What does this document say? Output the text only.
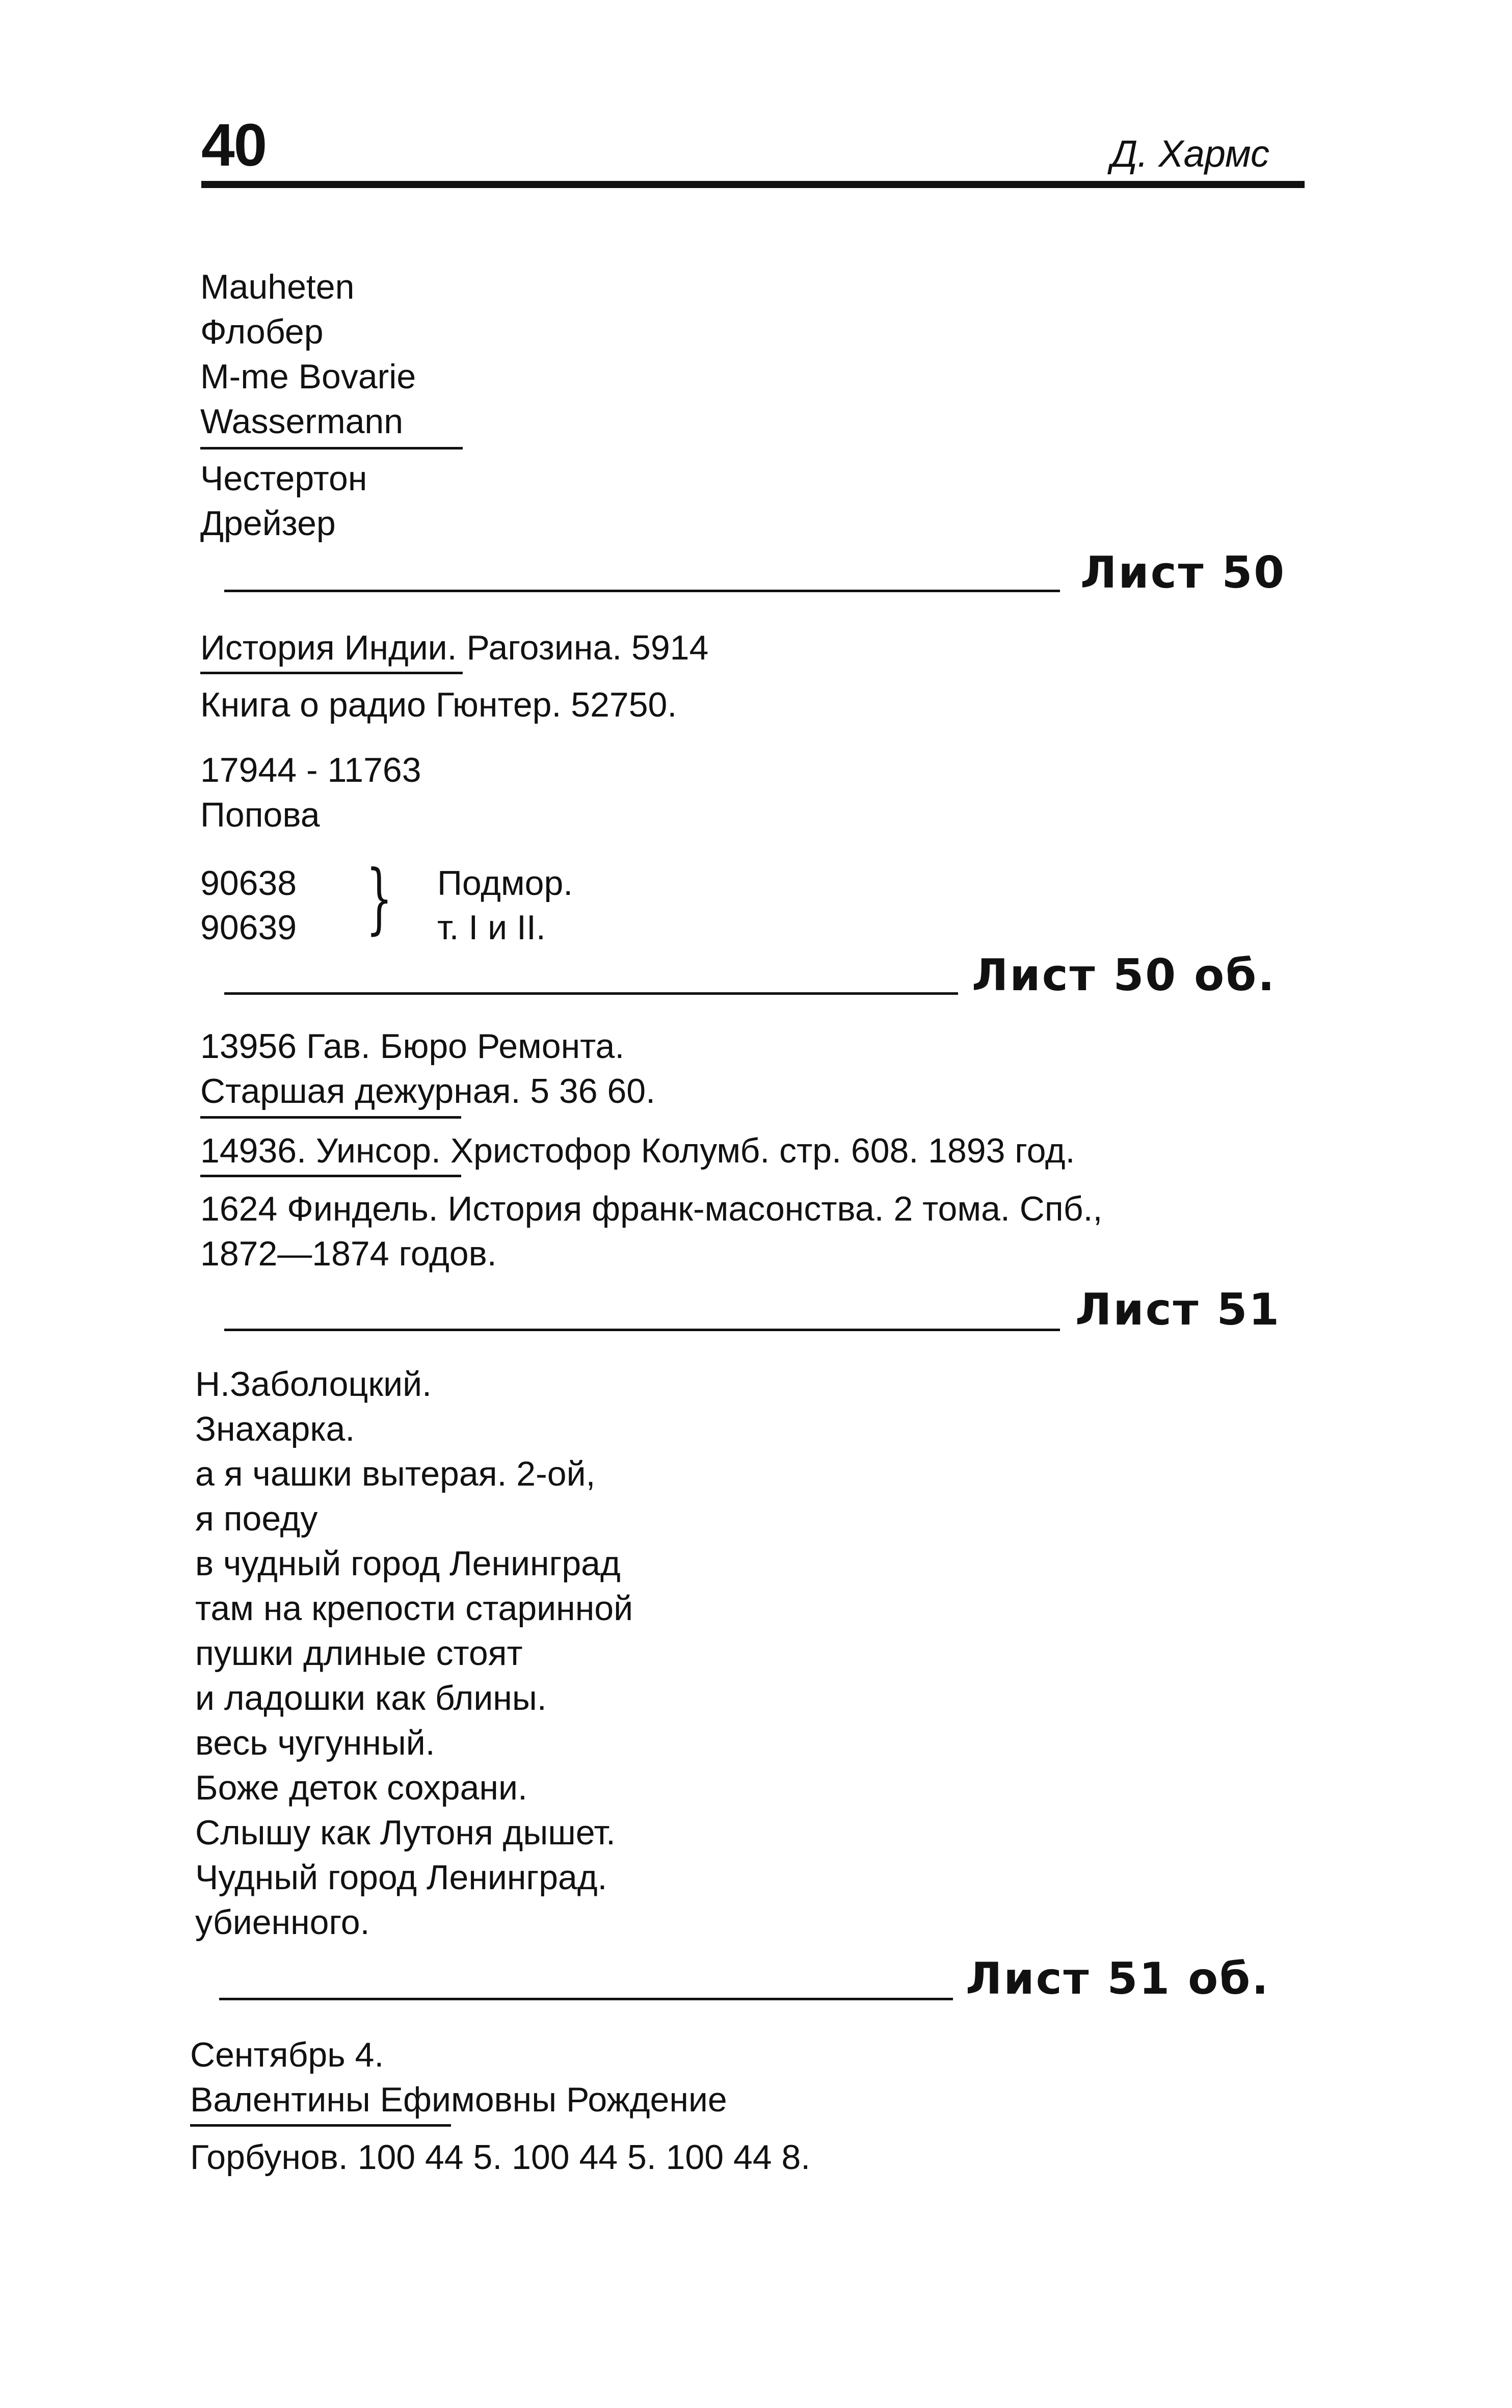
40	Д. Хармс
Mauheten
Флобер
M-me Bovarie
Wassermann
Честертон
Дрейзер
Лист 50
История Индии. Рагозина. 5914
Книга о радио Гюнтер. 52750.
17944 - 11763
Попова
90638
90639 } Подмор.
т. I и II.
Лист 50 об.
13956 Гав. Бюро Ремонта.
Старшая дежурная. 5 36 60.
14936. Уинсор. Христофор Колумб. стр. 608. 1893 год.
1624 Финдель. История франк-масонства. 2 тома. Спб.,
1872—1874 годов.
Лист 51
Н.Заболоцкий.
Знахарка.
а я чашки вытерая. 2-ой,
я поеду
в чудный город Ленинград
там на крепости старинной
пушки длиные стоят
и ладошки как блины.
весь чугунный.
Боже деток сохрани.
Слышу как Лутоня дышет.
Чудный город Ленинград.
убиенного.
Лист 51 об.
Сентябрь 4.
Валентины Ефимовны Рождение
Горбунов. 100 44 5. 100 44 5. 100 44 8.
